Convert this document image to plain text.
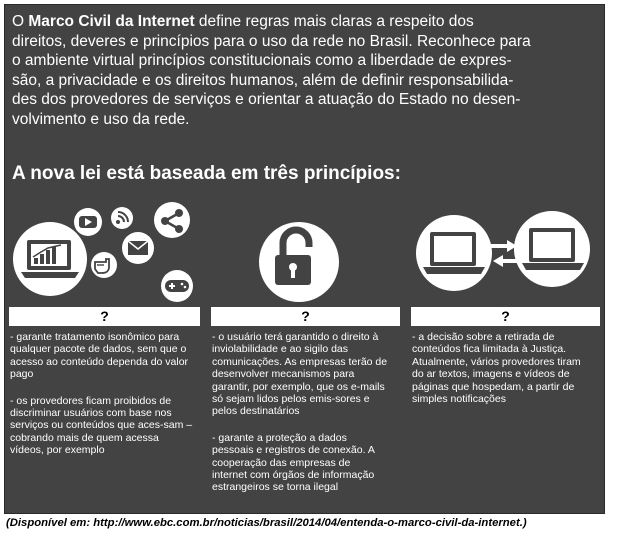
O Marco Civil da Internet define regras mais claras a respeito dos
direitos, deveres e princípios para o uso da rede no Brasil. Reconhece para
o ambiente virtual princípios constitucionais como a liberdade de expres-
são, a privacidade e os direitos humanos, além de definir responsabilida-
des dos provedores de serviços e orientar a atuação do Estado no desen-
volvimento e uso da rede.

A nova lei está baseada em três princípios:
?	?	?

- garante tratamento isonômico para qualquer pacote de dados, sem que o acesso ao conteúdo dependa do valor pago

- os provedores ficam proibidos de discriminar usuários com base nos serviços ou conteúdos que aces-sam – cobrando mais de quem acessa vídeos, por exemplo

- o usuário terá garantido o direito à inviolabilidade e ao sigilo das comunicações. As empresas terão de desenvolver mecanismos para garantir, por exemplo, que os e-mails só sejam lidos pelos emis-sores e pelos destinatários

- garante a proteção a dados pessoais e registros de conexão. A cooperação das empresas de internet com órgãos de informação estrangeiros se torna ilegal

- a decisão sobre a retirada de conteúdos fica limitada à Justiça. Atualmente, vários provedores tiram do ar textos, imagens e vídeos de páginas que hospedam, a partir de simples notificações

(Disponível em: http://www.ebc.com.br/noticias/brasil/2014/04/entenda-o-marco-civil-da-internet.)
